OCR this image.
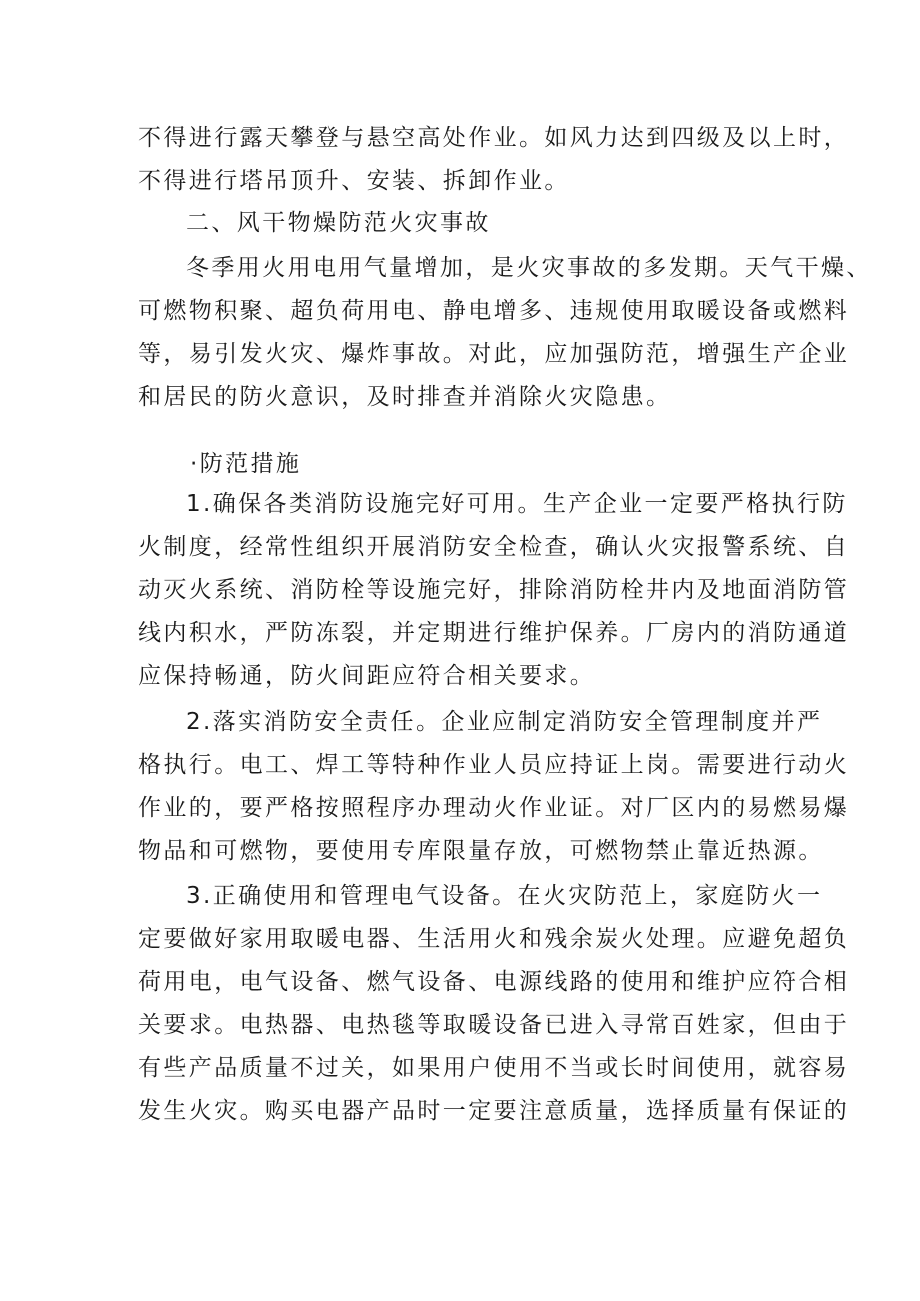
不得进行露天攀登与悬空高处作业。如风力达到四级及以上时，
不得进行塔吊顶升、安装、拆卸作业。
二、风干物燥防范火灾事故
冬季用火用电用气量增加，是火灾事故的多发期。天气干燥、
可燃物积聚、超负荷用电、静电增多、违规使用取暖设备或燃料
等，易引发火灾、爆炸事故。对此，应加强防范，增强生产企业
和居民的防火意识，及时排查并消除火灾隐患。
·防范措施
1.确保各类消防设施完好可用。生产企业一定要严格执行防
火制度，经常性组织开展消防安全检查，确认火灾报警系统、自
动灭火系统、消防栓等设施完好，排除消防栓井内及地面消防管
线内积水，严防冻裂，并定期进行维护保养。厂房内的消防通道
应保持畅通，防火间距应符合相关要求。
2.落实消防安全责任。企业应制定消防安全管理制度并严
格执行。电工、焊工等特种作业人员应持证上岗。需要进行动火
作业的，要严格按照程序办理动火作业证。对厂区内的易燃易爆
物品和可燃物，要使用专库限量存放，可燃物禁止靠近热源。
3.正确使用和管理电气设备。在火灾防范上，家庭防火一
定要做好家用取暖电器、生活用火和残余炭火处理。应避免超负
荷用电，电气设备、燃气设备、电源线路的使用和维护应符合相
关要求。电热器、电热毯等取暖设备已进入寻常百姓家，但由于
有些产品质量不过关，如果用户使用不当或长时间使用，就容易
发生火灾。购买电器产品时一定要注意质量，选择质量有保证的
